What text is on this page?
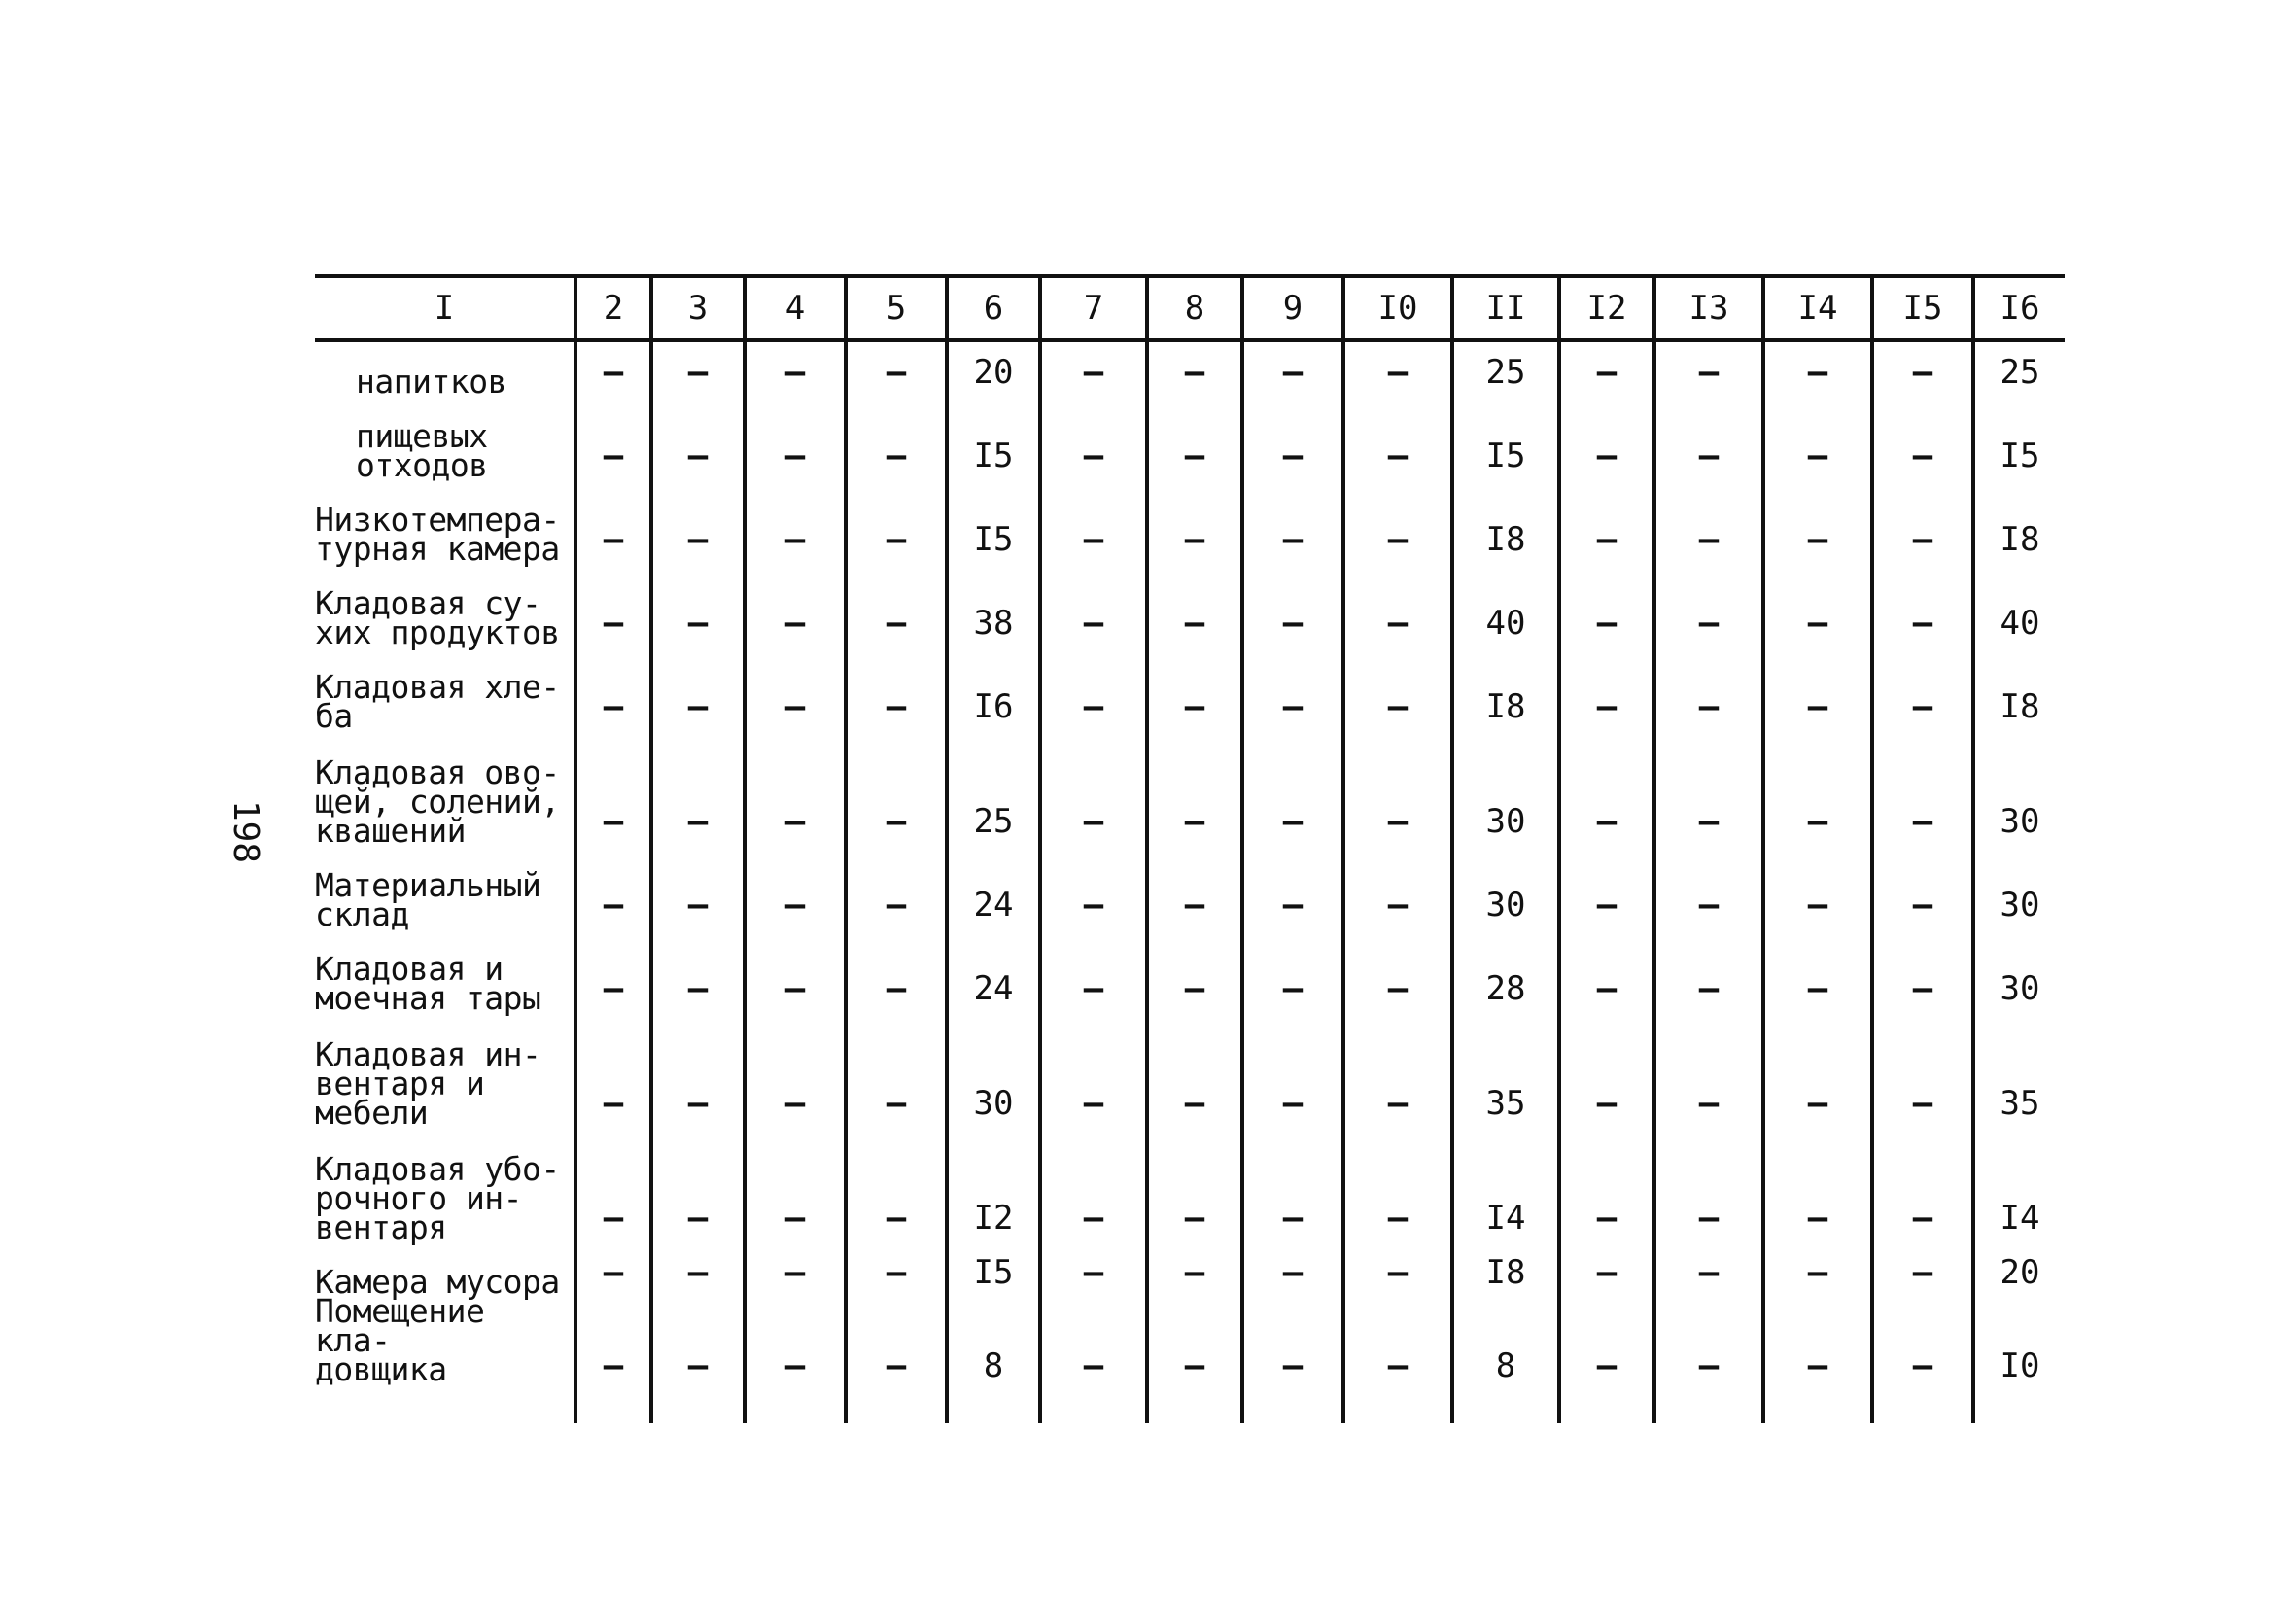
198
I	2	3	4	5	6	7	8	9	I0	II	I2	I3	I4	I5	I6
напитков	–	–	–	–	20	–	–	–	–	25	–	–	–	–	25
пищевых
отходов	–	–	–	–	I5	–	–	–	–	I5	–	–	–	–	I5
Низкотемпера-
турная камера	–	–	–	–	I5	–	–	–	–	I8	–	–	–	–	I8
Кладовая су-
хих продуктов	–	–	–	–	38	–	–	–	–	40	–	–	–	–	40
Кладовая хле-
ба	–	–	–	–	I6	–	–	–	–	I8	–	–	–	–	I8
Кладовая ово-
щей, солений,
квашений	–	–	–	–	25	–	–	–	–	30	–	–	–	–	30
Материальный
склад	–	–	–	–	24	–	–	–	–	30	–	–	–	–	30
Кладовая и
моечная тары	–	–	–	–	24	–	–	–	–	28	–	–	–	–	30
Кладовая ин-
вентаря и
мебели	–	–	–	–	30	–	–	–	–	35	–	–	–	–	35
Кладовая убо-
рочного ин-
вентаря	–	–	–	–	I2	–	–	–	–	I4	–	–	–	–	I4
Камера мусора	–	–	–	–	I5	–	–	–	–	I8	–	–	–	–	20
Помещение кла-
довщика	–	–	–	–	8	–	–	–	–	8	–	–	–	–	I0
